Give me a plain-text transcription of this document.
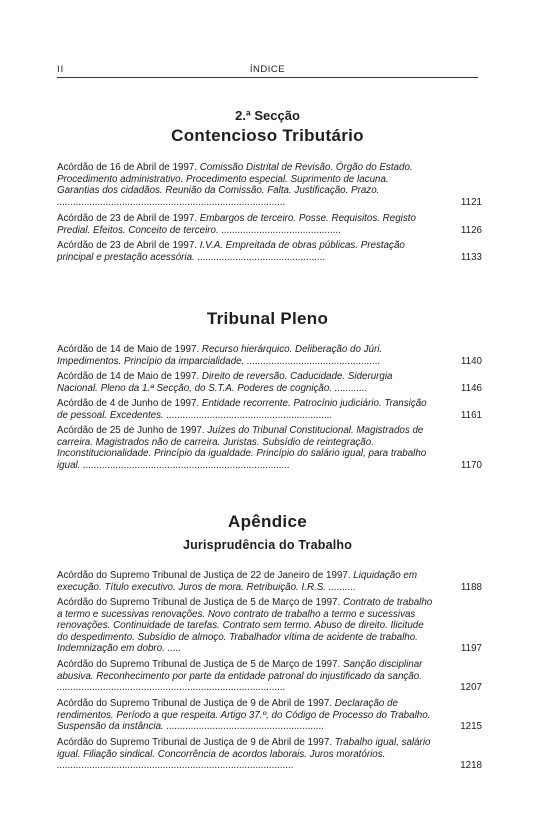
II	ÍNDICE
2.ª Secção
Contencioso Tributário
Acórdão de 16 de Abril de 1997. Comissão Distrital de Revisão. Órgão do Estado. Procedimento administrativo. Procedimento especial. Suprimento de lacuna. Garantias dos cidadãos. Reunião da Comissão. Falta. Justificação. Prazo. ....................................................................................	1121
Acórdão de 23 de Abril de 1997. Embargos de terceiro. Posse. Requisitos. Registo Predial. Efeitos. Conceito de terceiro. ............................................	1126
Acórdão de 23 de Abril de 1997. I.V.A. Empreitada de obras públicas. Prestação principal e prestação acessória. ...............................................	1133
Tribunal Pleno
Acórdão de 14 de Maio de 1997. Recurso hierárquico. Deliberação do Júri. Impedimentos. Princípio da imparcialidade. .................................................	1140
Acórdão de 14 de Maio de 1997. Direito de reversão. Caducidade. Siderurgia Nacional. Pleno da 1.ª Secção, do S.T.A. Poderes de cognição. ............	1146
Acórdão de 4 de Junho de 1997. Entidade recorrente. Patrocínio judiciário. Transição de pessoal. Excedentes. .............................................................	1161
Acórdão de 25 de Junho de 1997. Juízes do Tribunal Constitucional. Magistrados de carreira. Magistrados não de carreira. Juristas. Subsídio de reintegração. Inconstitucionalidade. Princípio da igualdade. Princípio do salário igual, para trabalho igual. ............................................................................	1170
Apêndice
Jurisprudência do Trabalho
Acórdão do Supremo Tribunal de Justiça de 22 de Janeiro de 1997. Liquidação em execução. Título executivo. Juros de mora. Retribuição. I.R.S. ..........	1188
Acórdão do Supremo Tribunal de Justiça de 5 de Março de 1997. Contrato de trabalho a termo e sucessivas renovações. Novo contrato de trabalho a termo e sucessivas renovações. Continuidade de tarefas. Contrato sem termo. Abuso de direito. Ilicitude do despedimento. Subsídio de almoço. Trabalhador vítima de acidente de trabalho. Indemnização em dobro. .....	1197
Acórdão do Supremo Tribunal de Justiça de 5 de Março de 1997. Sanção disciplinar abusiva. Reconhecimento por parte da entidade patronal do injustificado da sanção. ....................................................................................	1207
Acórdão do Supremo Tribunal de Justiça de 9 de Abril de 1997. Declaração de rendimentos. Período a que respeita. Artigo 37.º, do Código de Processo do Trabalho. Suspensão da instância. ..........................................................	1215
Acórdão do Supremo Tribunal de Justiça de 9 de Abril de 1997. Trabalho igual, salário igual. Filiação sindical. Concorrência de acordos laborais. Juros moratórios. .......................................................................................	1218
